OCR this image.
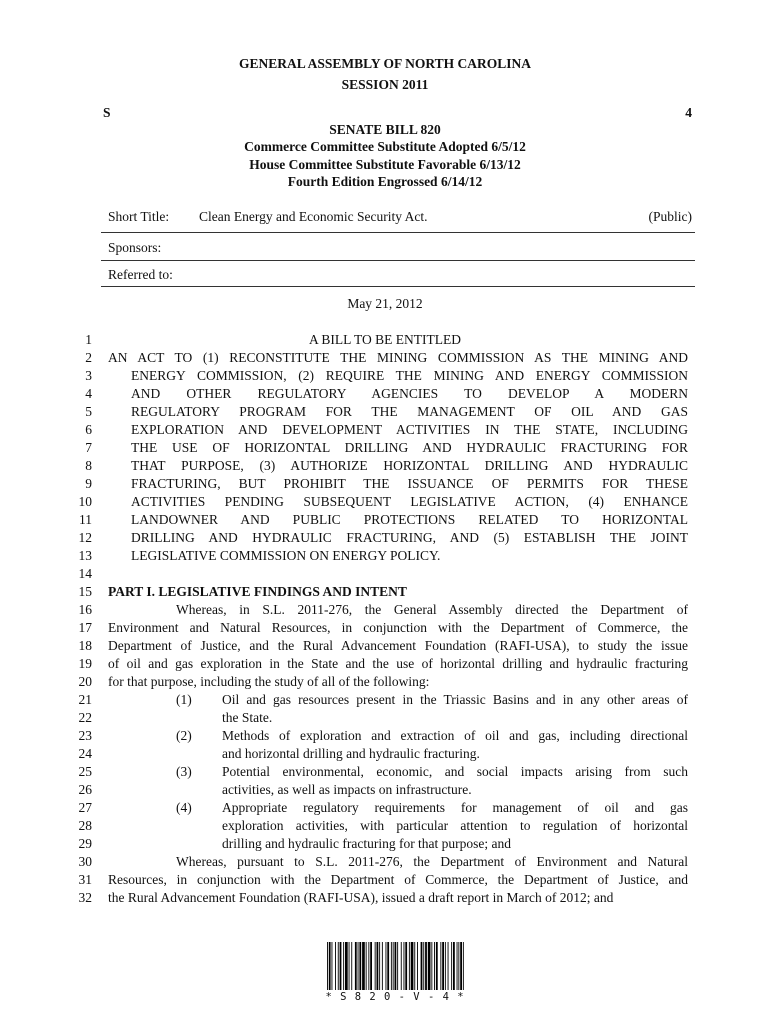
GENERAL ASSEMBLY OF NORTH CAROLINA
SESSION 2011
S	4
SENATE BILL 820
Commerce Committee Substitute Adopted 6/5/12
House Committee Substitute Favorable 6/13/12
Fourth Edition Engrossed 6/14/12
Short Title: Clean Energy and Economic Security Act.	(Public)
Sponsors:
Referred to:
May 21, 2012
1
2
3
4
5
6
7
8
9
10
11
12
13
14
15
16
17
18
19
20
21
22
23
24
25
26
27
28
29
30
31
32
A BILL TO BE ENTITLED
AN ACT TO (1) RECONSTITUTE THE MINING COMMISSION AS THE MINING AND
ENERGY COMMISSION, (2) REQUIRE THE MINING AND ENERGY COMMISSION
AND OTHER REGULATORY AGENCIES TO DEVELOP A MODERN
REGULATORY PROGRAM FOR THE MANAGEMENT OF OIL AND GAS
EXPLORATION AND DEVELOPMENT ACTIVITIES IN THE STATE, INCLUDING
THE USE OF HORIZONTAL DRILLING AND HYDRAULIC FRACTURING FOR
THAT PURPOSE, (3) AUTHORIZE HORIZONTAL DRILLING AND HYDRAULIC
FRACTURING, BUT PROHIBIT THE ISSUANCE OF PERMITS FOR THESE
ACTIVITIES PENDING SUBSEQUENT LEGISLATIVE ACTION, (4) ENHANCE
LANDOWNER AND PUBLIC PROTECTIONS RELATED TO HORIZONTAL
DRILLING AND HYDRAULIC FRACTURING, AND (5) ESTABLISH THE JOINT
LEGISLATIVE COMMISSION ON ENERGY POLICY.
PART I. LEGISLATIVE FINDINGS AND INTENT
Whereas, in S.L. 2011-276, the General Assembly directed the Department of
Environment and Natural Resources, in conjunction with the Department of Commerce, the
Department of Justice, and the Rural Advancement Foundation (RAFI-USA), to study the issue
of oil and gas exploration in the State and the use of horizontal drilling and hydraulic fracturing
for that purpose, including the study of all of the following:
(1) Oil and gas resources present in the Triassic Basins and in any other areas of
the State.
(2) Methods of exploration and extraction of oil and gas, including directional
and horizontal drilling and hydraulic fracturing.
(3) Potential environmental, economic, and social impacts arising from such
activities, as well as impacts on infrastructure.
(4) Appropriate regulatory requirements for management of oil and gas
exploration activities, with particular attention to regulation of horizontal
drilling and hydraulic fracturing for that purpose; and
Whereas, pursuant to S.L. 2011-276, the Department of Environment and Natural
Resources, in conjunction with the Department of Commerce, the Department of Justice, and
the Rural Advancement Foundation (RAFI-USA), issued a draft report in March of 2012; and
* S 8 2 0 - V - 4 *
